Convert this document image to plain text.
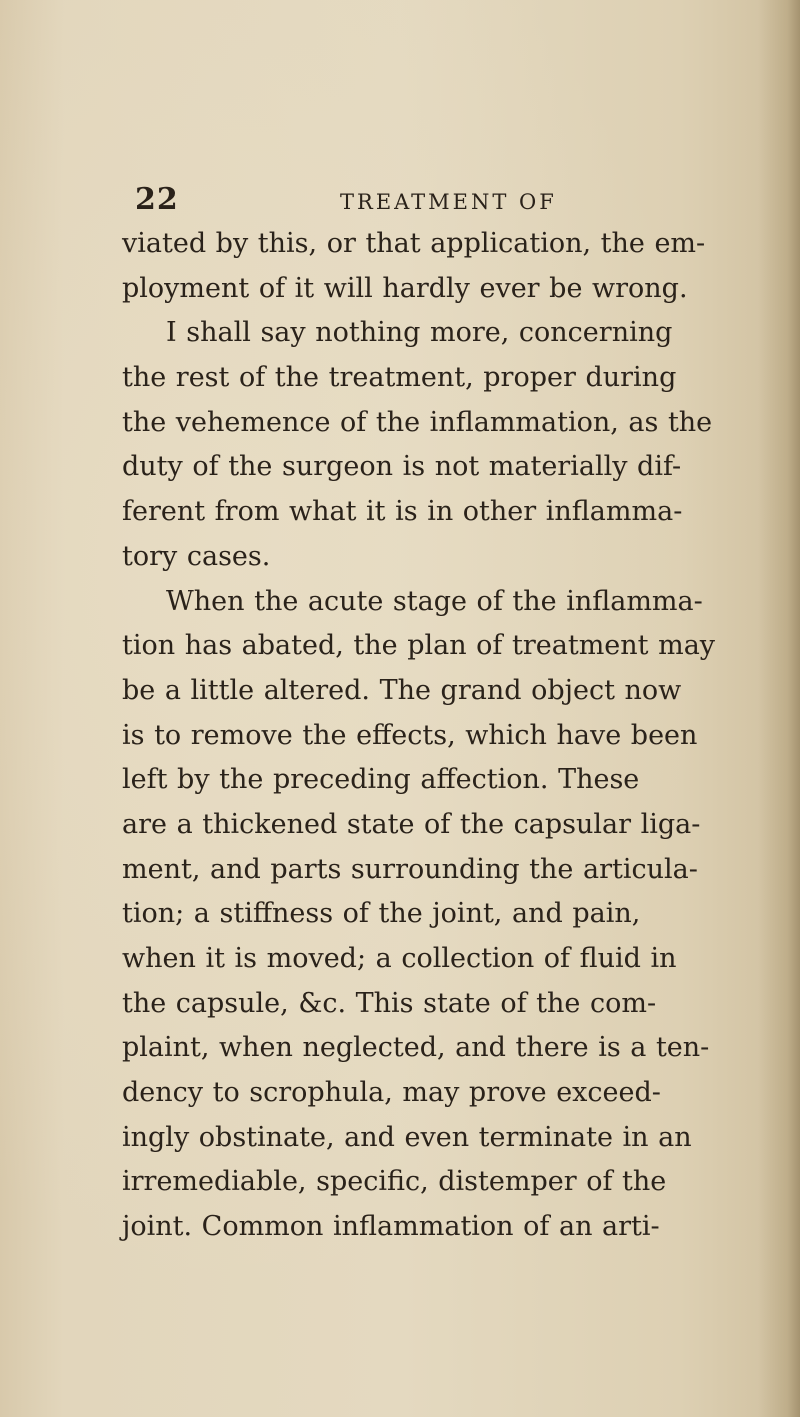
22	TREATMENT OF
viated by this, or that application, the em-
ployment of it will hardly ever be wrong.
I shall say nothing more, concerning
the rest of the treatment, proper during
the vehemence of the inflammation, as the
duty of the surgeon is not materially dif-
ferent from what it is in other inflamma-
tory cases.
When the acute stage of the inflamma-
tion has abated, the plan of treatment may
be a little altered. The grand object now
is to remove the effects, which have been
left by the preceding affection. These
are a thickened state of the capsular liga-
ment, and parts surrounding the articula-
tion; a stiffness of the joint, and pain,
when it is moved; a collection of fluid in
the capsule, &c. This state of the com-
plaint, when neglected, and there is a ten-
dency to scrophula, may prove exceed-
ingly obstinate, and even terminate in an
irremediable, specific, distemper of the
joint. Common inflammation of an arti-
